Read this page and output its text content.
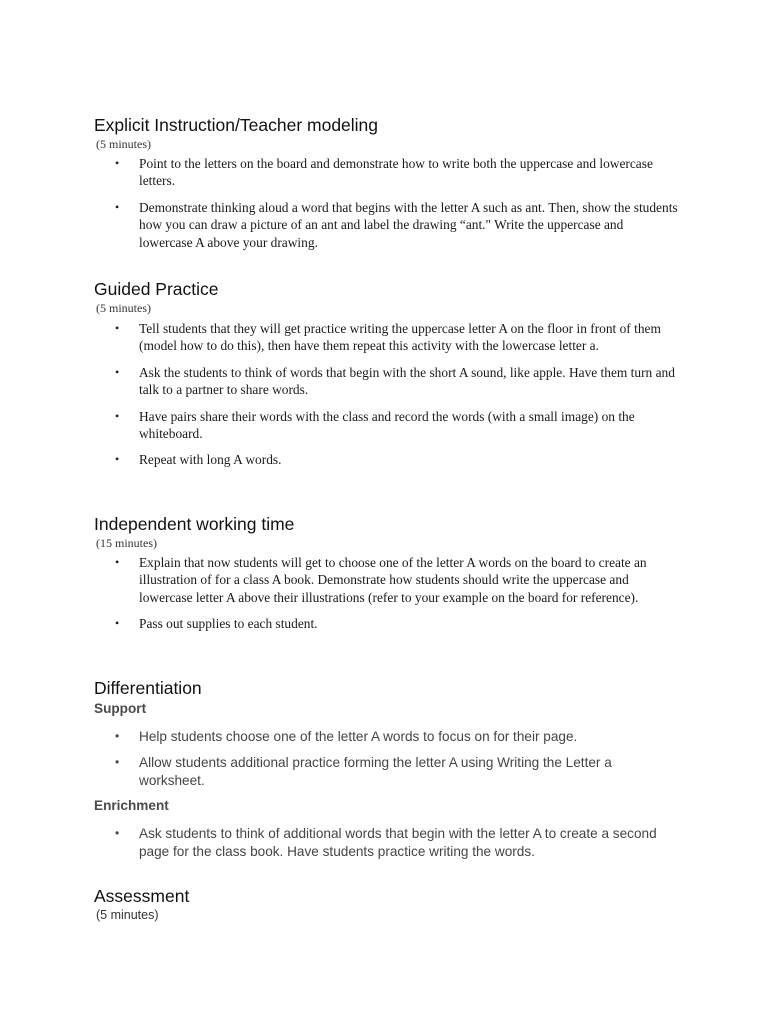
Explicit Instruction/Teacher modeling
(5 minutes)
• Point to the letters on the board and demonstrate how to write both the uppercase and lowercase letters.
• Demonstrate thinking aloud a word that begins with the letter A such as ant. Then, show the students how you can draw a picture of an ant and label the drawing “ant." Write the uppercase and lowercase A above your drawing.
Guided Practice
(5 minutes)
• Tell students that they will get practice writing the uppercase letter A on the floor in front of them (model how to do this), then have them repeat this activity with the lowercase letter a.
• Ask the students to think of words that begin with the short A sound, like apple. Have them turn and talk to a partner to share words.
• Have pairs share their words with the class and record the words (with a small image) on the whiteboard.
• Repeat with long A words.
Independent working time
(15 minutes)
• Explain that now students will get to choose one of the letter A words on the board to create an illustration of for a class A book. Demonstrate how students should write the uppercase and lowercase letter A above their illustrations (refer to your example on the board for reference).
• Pass out supplies to each student.
Differentiation
Support
• Help students choose one of the letter A words to focus on for their page.
• Allow students additional practice forming the letter A using Writing the Letter a worksheet.
Enrichment
• Ask students to think of additional words that begin with the letter A to create a second page for the class book. Have students practice writing the words.
Assessment
(5 minutes)
